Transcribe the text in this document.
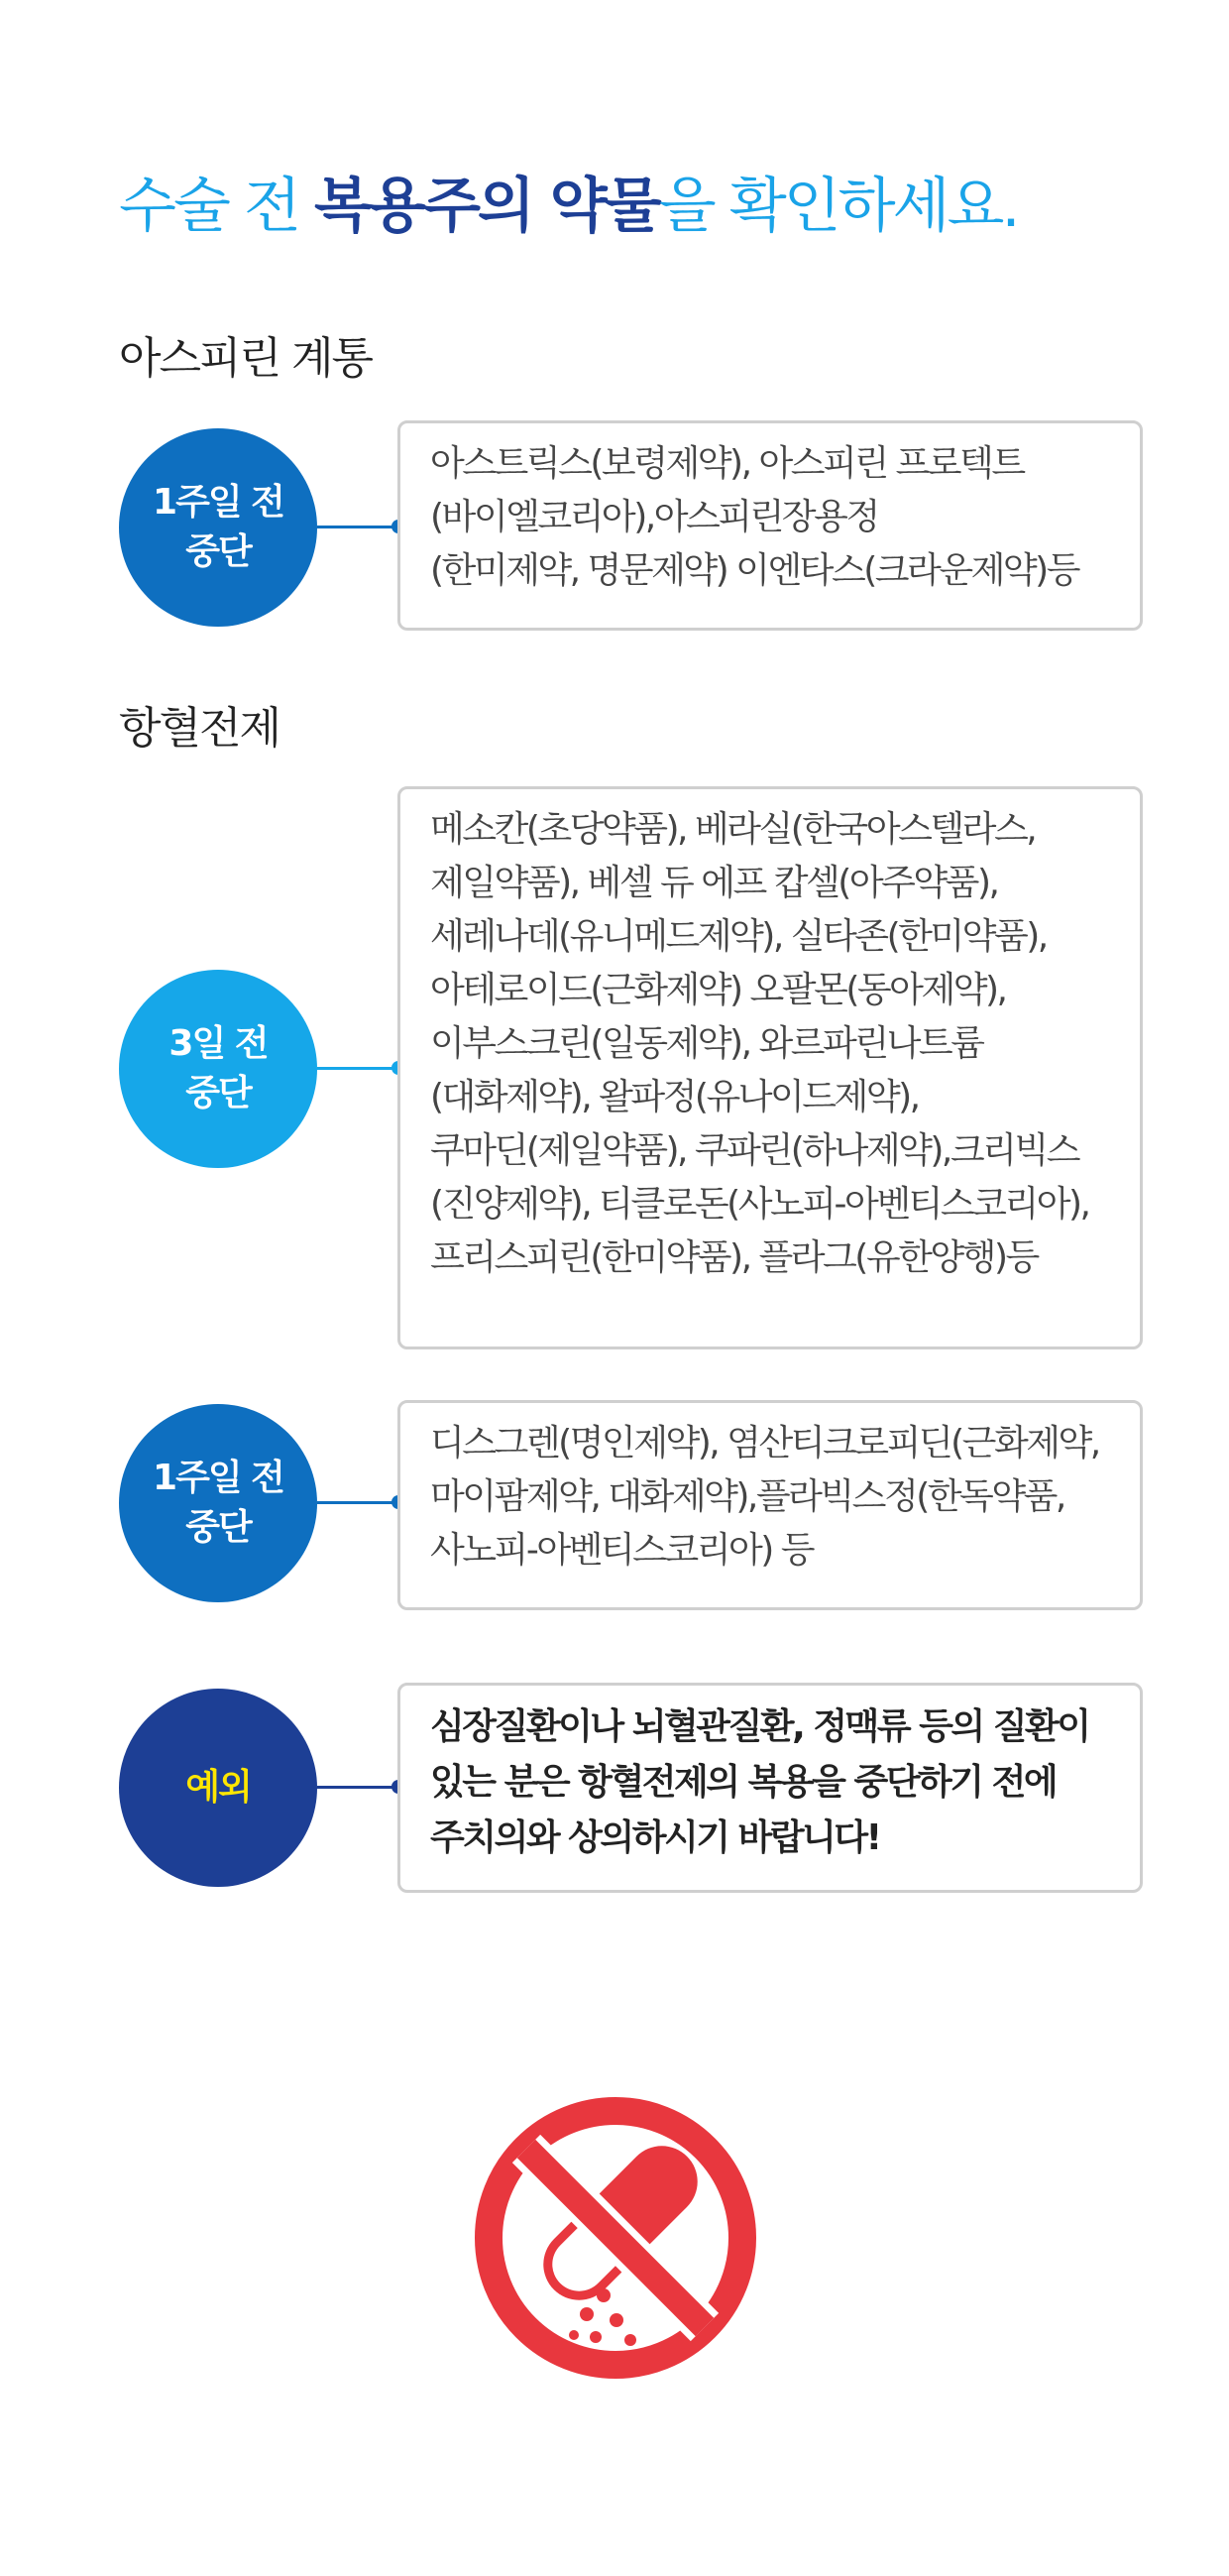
수술 전 복용주의 약물을 확인하세요.
아스피린 계통
1주일 전
중단
아스트릭스(보령제약), 아스피린 프로텍트
(바이엘코리아),아스피린장용정
(한미제약, 명문제약) 이엔타스(크라운제약)등
항혈전제
3일 전
중단
메소칸(초당약품), 베라실(한국아스텔라스,
제일약품), 베셀 듀 에프 캅셀(아주약품),
세레나데(유니메드제약), 실타존(한미약품),
아테로이드(근화제약) 오팔몬(동아제약),
이부스크린(일동제약), 와르파린나트륨
(대화제약), 왈파정(유나이드제약),
쿠마딘(제일약품), 쿠파린(하나제약),크리빅스
(진양제약), 티클로돈(사노피-아벤티스코리아),
프리스피린(한미약품), 플라그(유한양행)등
1주일 전
중단
디스그렌(명인제약), 염산티크로피딘(근화제약,
마이팜제약, 대화제약),플라빅스정(한독약품,
사노피-아벤티스코리아) 등
예외
심장질환이나 뇌혈관질환, 정맥류 등의 질환이
있는 분은 항혈전제의 복용을 중단하기 전에
주치의와 상의하시기 바랍니다!
